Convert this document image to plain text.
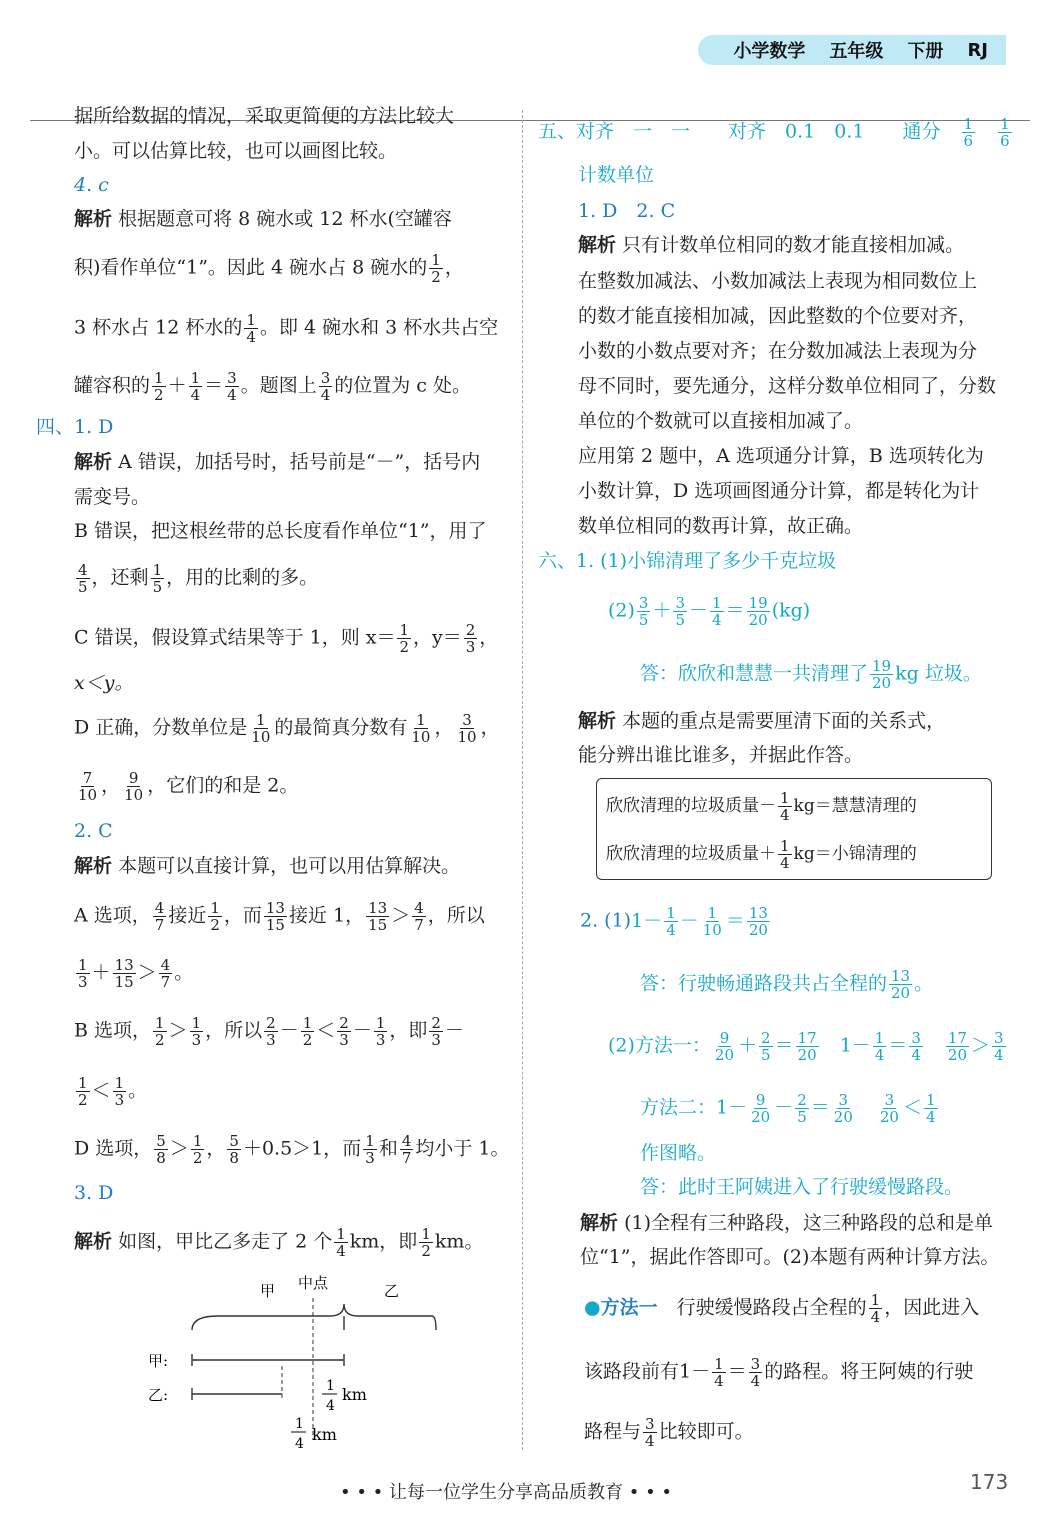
小学数学 五年级 下册 RJ
据所给数据的情况，采取更简便的方法比较大
小。可以估算比较，也可以画图比较。
4. c
解析 根据题意可将 8 碗水或 12 杯水(空罐容
积)看作单位“1”。因此 4 碗水占 8 碗水的 $\frac{1}{2}$ ，
3 杯水占 12 杯水的 $\frac{1}{4}$ 。即 4 碗水和 3 杯水共占空
罐容积的 $\frac{1}{2} + \frac{1}{4} = \frac{3}{4}$ 。题图上 $\frac{3}{4}$ 的位置为 c 处。
四、1. D
解析 A 错误，加括号时，括号前是“－”，括号内
需变号。
B 错误，把这根丝带的总长度看作单位“1”，用了
$\frac{4}{5}$ ，还剩 $\frac{1}{5}$ ，用的比剩的多。
C 错误，假设算式结果等于 1，则 $x= \frac{1}{2}$ ，$y= \frac{2}{3}$ ，
x＜y。
D 正确，分数单位是 $\frac{1}{10}$ 的最简真分数有 $\frac{1}{10}$ ， $\frac{3}{10}$ ，
$\frac{7}{10}$ ， $\frac{9}{10}$ ，它们的和是 2。
2. C
解析 本题可以直接计算，也可以用估算解决。
A 选项， $\frac{4}{7}$ 接近 $\frac{1}{2}$ ，而 $\frac{13}{15}$ 接近 1， $\frac{13}{15} > \frac{4}{7}$ ，所以
$\frac{1}{3} + \frac{13}{15} > \frac{4}{7}$ 。
B 选项， $\frac{1}{2} > \frac{1}{3}$ ，所以 $\frac{2}{3} - \frac{1}{2} < \frac{2}{3} - \frac{1}{3}$ ，即 $\frac{2}{3}$ －
$\frac{1}{2} < \frac{1}{3}$ 。
D 选项， $\frac{5}{8} > \frac{1}{2}$ ， $\frac{5}{8} +0.5>1$，而 $\frac{1}{3}$ 和 $\frac{4}{7}$ 均小于 1。
3. D
解析 如图，甲比乙多走了 2 个 $\frac{1}{4}$ km，即 $\frac{1}{2}$ km。
甲 中点	乙
甲:
乙:	1
4
km
1
4 km
五、对齐　一　一　　对齐　0.1　0.1　　通分　 $\frac{1}{6}$
　 $\frac{1}{6}$
计数单位
1. D　2. C
解析 只有计数单位相同的数才能直接相加减。
在整数加减法、小数加减法上表现为相同数位上
的数才能直接相加减，因此整数的个位要对齐，
小数的小数点要对齐；在分数加减法上表现为分
母不同时，要先通分，这样分数单位相同了，分数
单位的个数就可以直接相加减了。
应用第 2 题中，A 选项通分计算，B 选项转化为
小数计算，D 选项画图通分计算，都是转化为计
数单位相同的数再计算，故正确。
六、1. (1)小锦清理了多少千克垃圾
$(2) \frac{3}{5} + \frac{3}{5} - \frac{1}{4} = \frac{19}{20} (kg)$
答：欣欣和慧慧一共清理了 $\frac{19}{20}$ kg 垃圾。
解析 本题的重点是需要厘清下面的关系式，
能分辨出谁比谁多，并据此作答。
欣欣清理的垃圾质量－ $\frac{1}{4} kg=$慧慧清理的
欣欣清理的垃圾质量＋ $\frac{1}{4} kg=$小锦清理的
2. $(1)1- \frac{1}{4} - \frac{1}{10} = \frac{13}{20}$
答：行驶畅通路段共占全程的 $\frac{13}{20}$ 。
(2)方法一： $\frac{9}{20} + \frac{2}{5} = \frac{17}{20}$ 　$1- \frac{1}{4} = \frac{3}{4}$
　 $\frac{17}{20} > \frac{3}{4}$
方法二：$1- \frac{9}{20} - \frac{2}{5} = \frac{3}{20}$
　 $\frac{3}{20} < \frac{1}{4}$
作图略。
答：此时王阿姨进入了行驶缓慢路段。
解析 (1)全程有三种路段，这三种路段的总和是单
位“1”，据此作答即可。(2)本题有两种计算方法。
●方法一　 行驶缓慢路段占全程的 $\frac{1}{4}$ ，因此进入
该路段前有$1- \frac{1}{4} = \frac{3}{4}$ 的路程。将王阿姨的行驶
路程与 $\frac{3}{4}$ 比较即可。
• • • 让每一位学生分享高品质教育 • • •	173
